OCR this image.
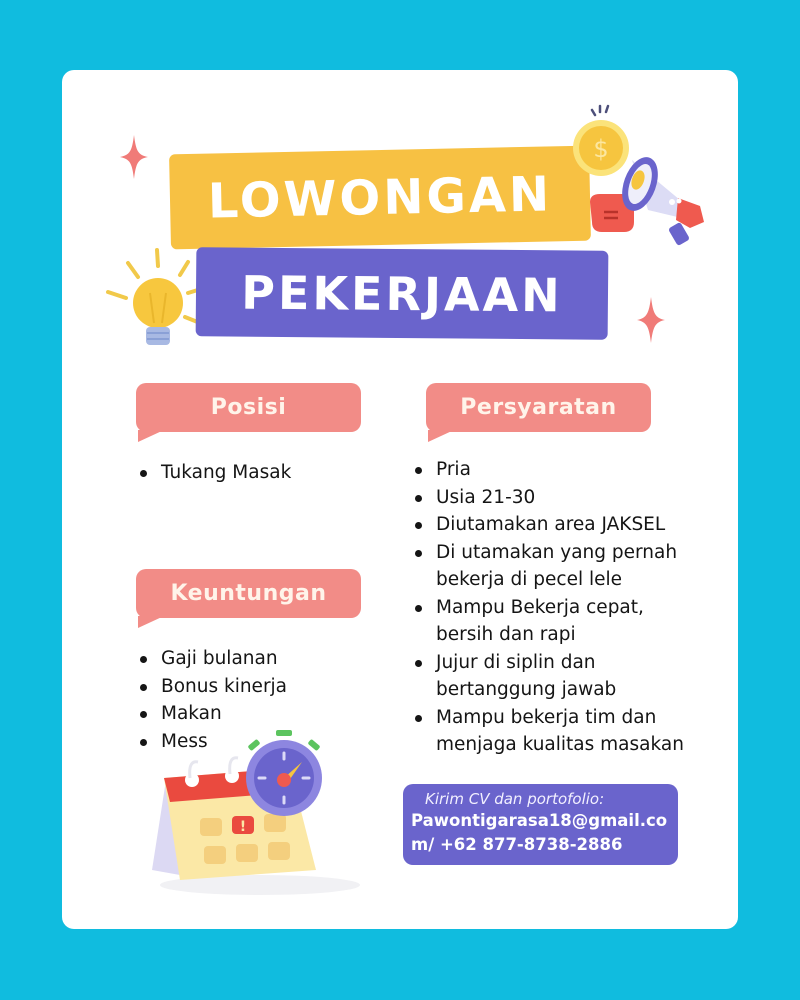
LOWONGAN
PEKERJAAN
$
Posisi
Tukang Masak
Persyaratan
Pria
Usia 21-30
Diutamakan area JAKSEL
Di utamakan yang pernah bekerja di pecel lele
Mampu Bekerja cepat, bersih dan rapi
Jujur di siplin dan bertanggung jawab
Mampu bekerja tim dan menjaga kualitas masakan
Keuntungan
Gaji bulanan
Bonus kinerja
Makan
Mess
!
Kirim CV dan portofolio:
Pawontigarasa18@gmail.com/ +62 877-8738-2886
